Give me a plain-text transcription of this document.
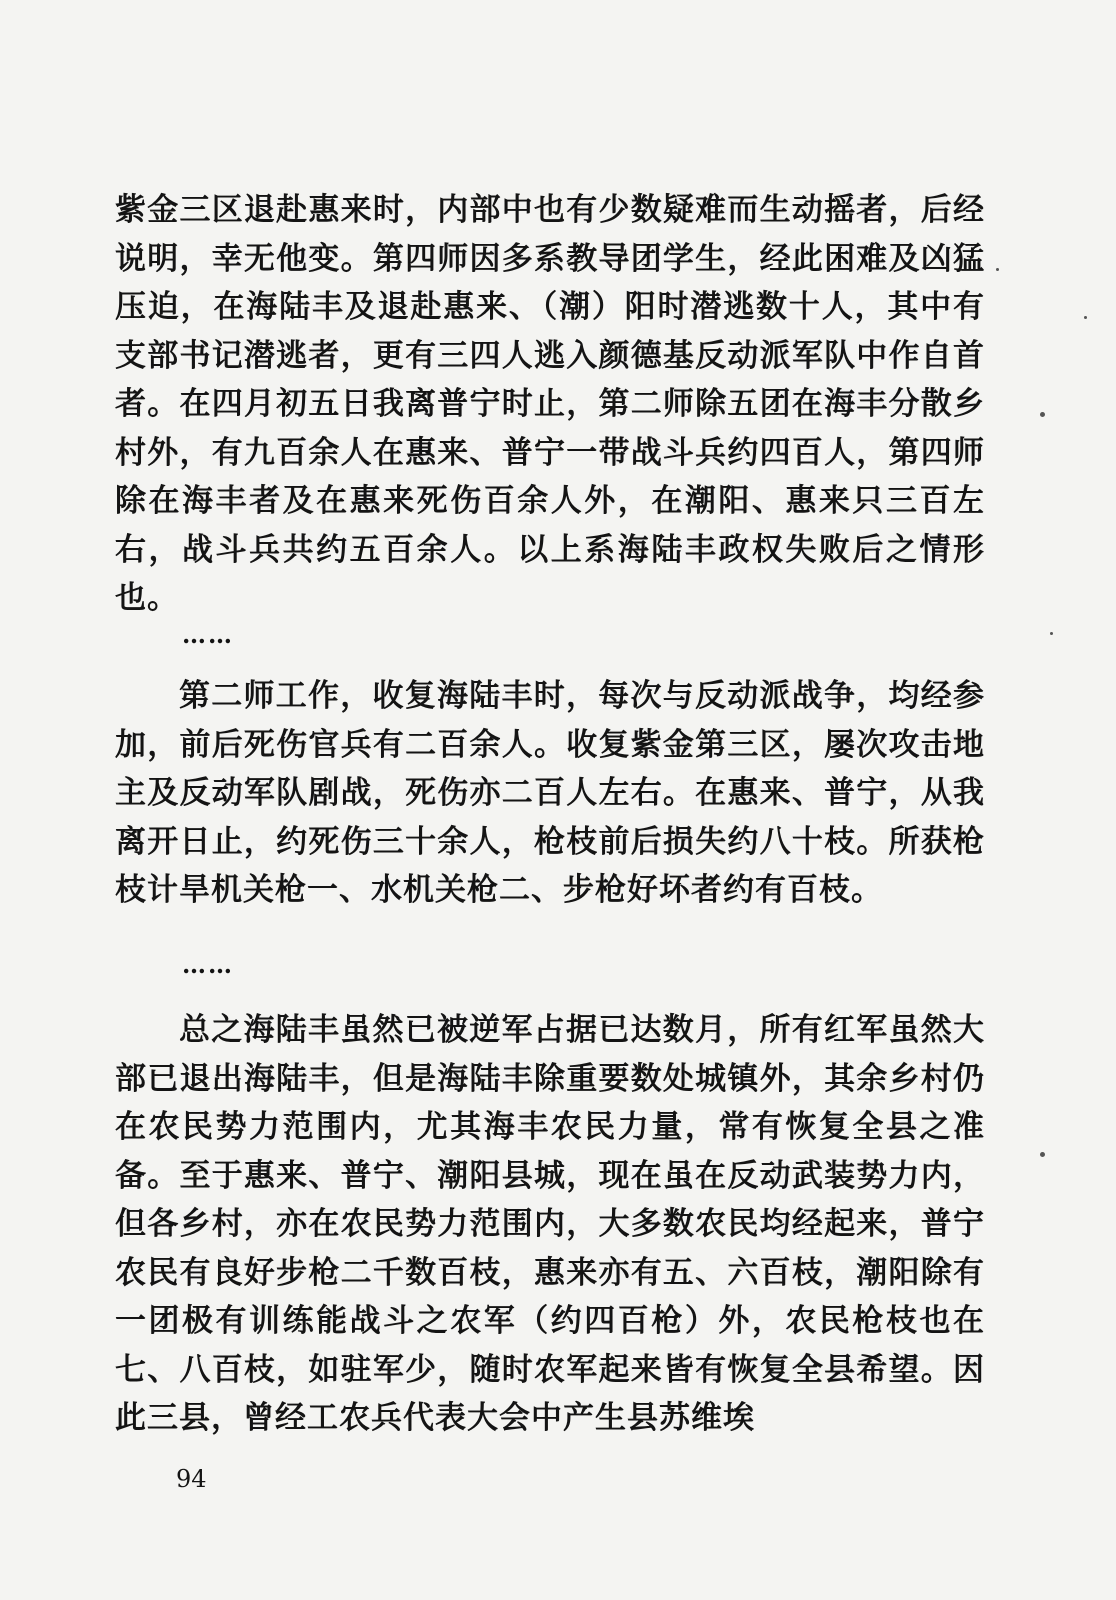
紫金三区退赴惠来时，内部中也有少数疑难而生动摇者，后经说明，幸无他变。第四师因多系教导团学生，经此困难及凶猛压迫，在海陆丰及退赴惠来、（潮）阳时潜逃数十人，其中有支部书记潜逃者，更有三四人逃入颜德基反动派军队中作自首者。在四月初五日我离普宁时止，第二师除五团在海丰分散乡村外，有九百余人在惠来、普宁一带战斗兵约四百人，第四师除在海丰者及在惠来死伤百余人外，在潮阳、惠来只三百左右，战斗兵共约五百余人。以上系海陆丰政权失败后之情形也。

……

第二师工作，收复海陆丰时，每次与反动派战争，均经参加，前后死伤官兵有二百余人。收复紫金第三区，屡次攻击地主及反动军队剧战，死伤亦二百人左右。在惠来、普宁，从我离开日止，约死伤三十余人，枪枝前后损失约八十枝。所获枪枝计旱机关枪一、水机关枪二、步枪好坏者约有百枝。

……

总之海陆丰虽然已被逆军占据已达数月，所有红军虽然大部已退出海陆丰，但是海陆丰除重要数处城镇外，其余乡村仍在农民势力范围内，尤其海丰农民力量，常有恢复全县之准备。至于惠来、普宁、潮阳县城，现在虽在反动武装势力内，但各乡村，亦在农民势力范围内，大多数农民均经起来，普宁农民有良好步枪二千数百枝，惠来亦有五、六百枝，潮阳除有一团极有训练能战斗之农军（约四百枪）外，农民枪枝也在七、八百枝，如驻军少，随时农军起来皆有恢复全县希望。因此三县，曾经工农兵代表大会中产生县苏维埃

94
